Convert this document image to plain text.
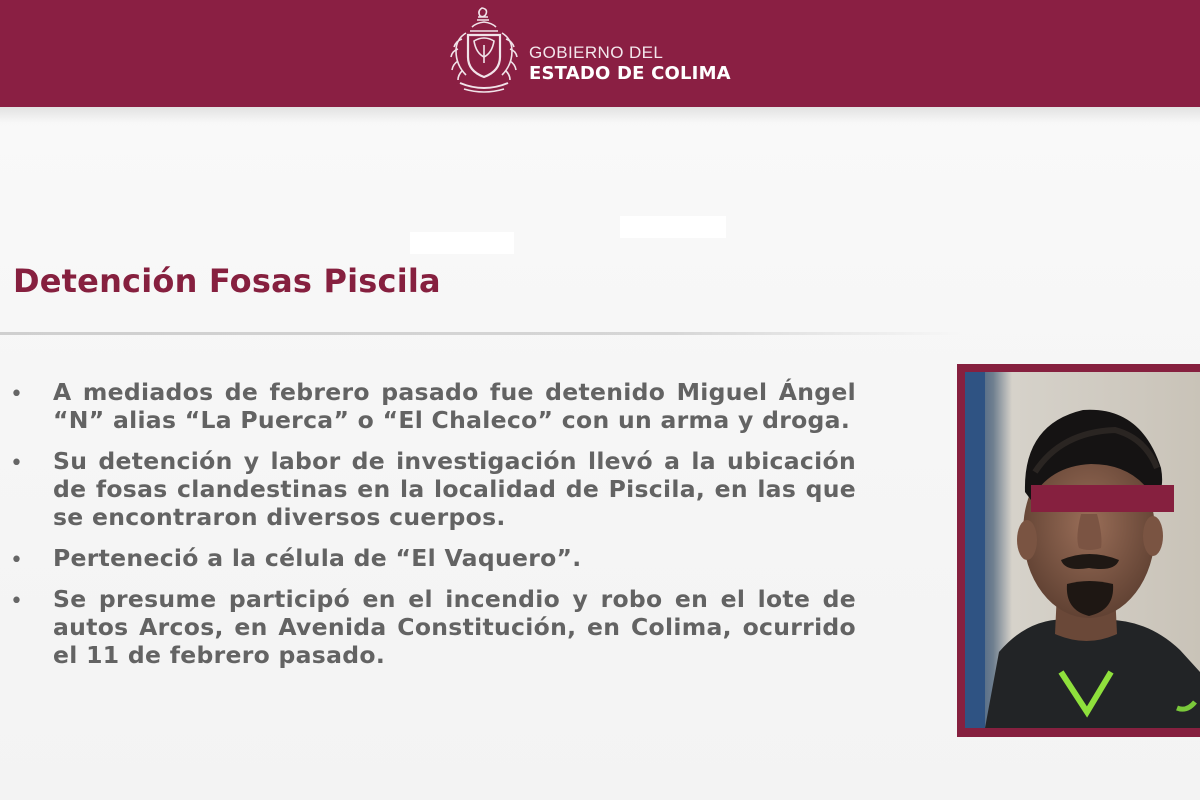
GOBIERNO DEL
ESTADO DE COLIMA
Detención Fosas Piscila
• A mediados de febrero pasado fue detenido Miguel Ángel “N” alias “La Puerca” o “El Chaleco” con un arma y droga.
• Su detención y labor de investigación llevó a la ubicación de fosas clandestinas en la localidad de Piscila, en las que se encontraron diversos cuerpos.
• Perteneció a la célula de “El Vaquero”.
• Se presume participó en el incendio y robo en el lote de autos Arcos, en Avenida Constitución, en Colima, ocurrido el 11 de febrero pasado.
